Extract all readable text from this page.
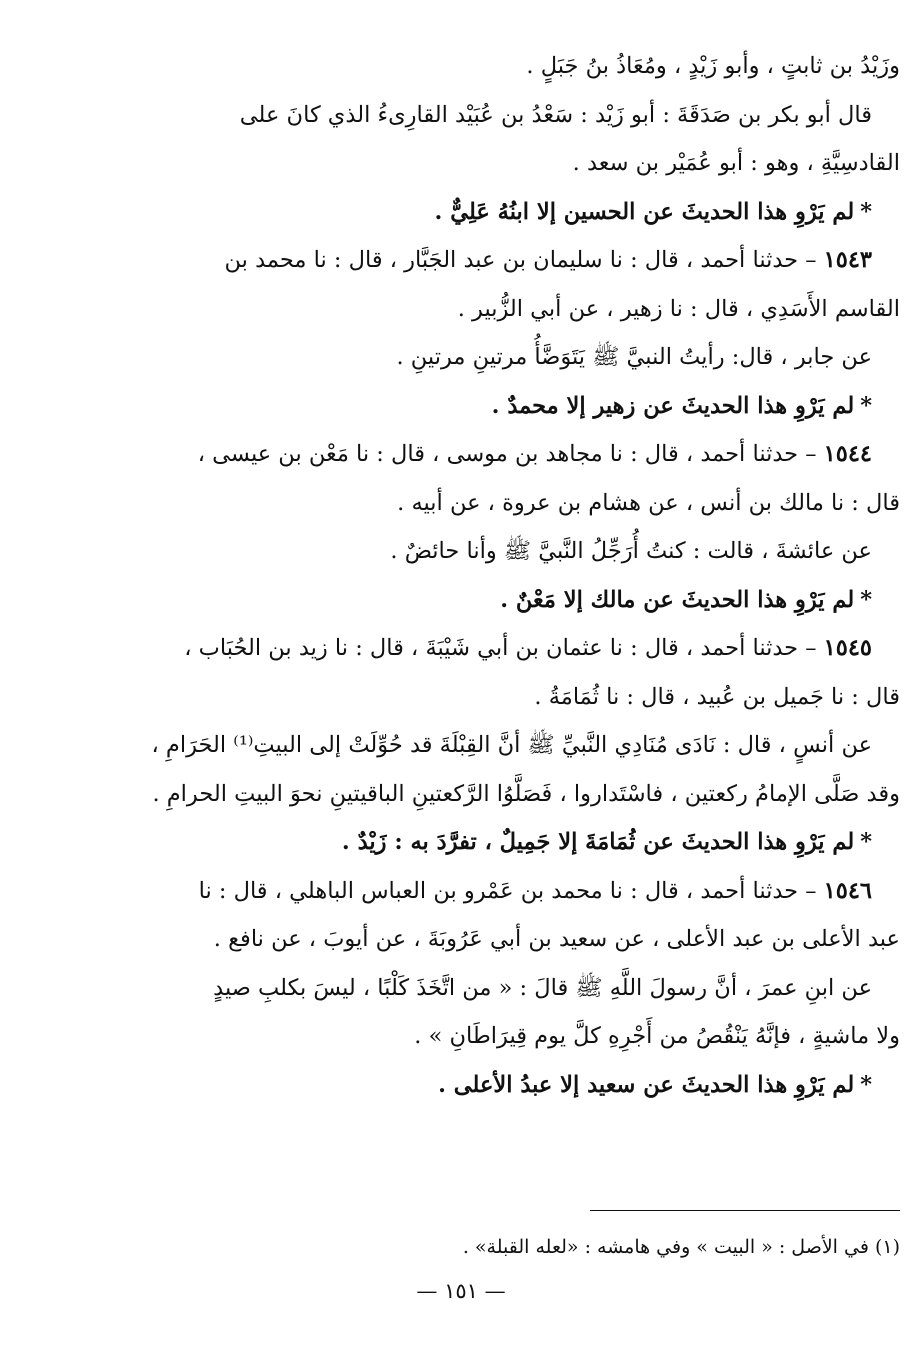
وزَيْدُ بن ثابتٍ ، وأبو زَيْدٍ ، ومُعَاذُ بنُ جَبَلٍ .
قال أبو بكر بن صَدَقَةَ : أبو زَيْد : سَعْدُ بن عُبَيْد القارِىءُ الذي كانَ على
القادسِيَّةِ ، وهو : أبو عُمَيْر بن سعد .
*لم يَرْوِ هذا الحديثَ عن الحسين إلا ابنُهُ عَلِيٌّ .
١٥٤٣ – حدثنا أحمد ، قال : نا سليمان بن عبد الجَبَّار ، قال : نا محمد بن
القاسم الأَسَدِي ، قال : نا زهير ، عن أبي الزُّبير .
عن جابر ، قال: رأيتُ النبيَّ ﷺ يَتَوَضَّأُ مرتينِ مرتينِ .
*لم يَرْوِ هذا الحديثَ عن زهير إلا محمدٌ .
١٥٤٤ – حدثنا أحمد ، قال : نا مجاهد بن موسى ، قال : نا مَعْن بن عيسى ،
قال : نا مالك بن أنس ، عن هشام بن عروة ، عن أبيه .
عن عائشةَ ، قالت : كنتُ أُرَجِّلُ النَّبيَّ ﷺ وأنا حائضٌ .
*لم يَرْوِ هذا الحديثَ عن مالك إلا مَعْنٌ .
١٥٤٥ – حدثنا أحمد ، قال : نا عثمان بن أبي شَيْبَةَ ، قال : نا زيد بن الحُبَاب ،
قال : نا جَميل بن عُبيد ، قال : نا ثُمَامَةُ .
عن أنسٍ ، قال : نَادَى مُنَادِي النَّبيِّ ﷺ أنَّ القِبْلَةَ قد حُوِّلَتْ إلى البيتِ⁽¹⁾ الحَرَامِ ،
وقد صَلَّى الإمامُ ركعتين ، فاسْتَداروا ، فَصَلَّوُا الرَّكعتينِ الباقيتينِ نحوَ البيتِ الحرامِ .
*لم يَرْوِ هذا الحديثَ عن ثُمَامَةَ إلا جَمِيلٌ ، تفرَّدَ به : زَيْدٌ .
١٥٤٦ – حدثنا أحمد ، قال : نا محمد بن عَمْرو بن العباس الباهلي ، قال : نا
عبد الأعلى بن عبد الأعلى ، عن سعيد بن أبي عَرُوبَةَ ، عن أيوبَ ، عن نافع .
عن ابنِ عمرَ ، أنَّ رسولَ اللَّهِ ﷺ قالَ : « من اتَّخَذَ كَلْبًا ، ليسَ بكلبِ صيدٍ
ولا ماشيةٍ ، فإنَّهُ يَنْقُصُ من أَجْرِهِ كلَّ يوم قِيرَاطَانِ » .
*لم يَرْوِ هذا الحديثَ عن سعيد إلا عبدُ الأعلى .
(١) في الأصل : « البيت » وفي هامشه : «لعله القبلة» .
— ١٥١ —
